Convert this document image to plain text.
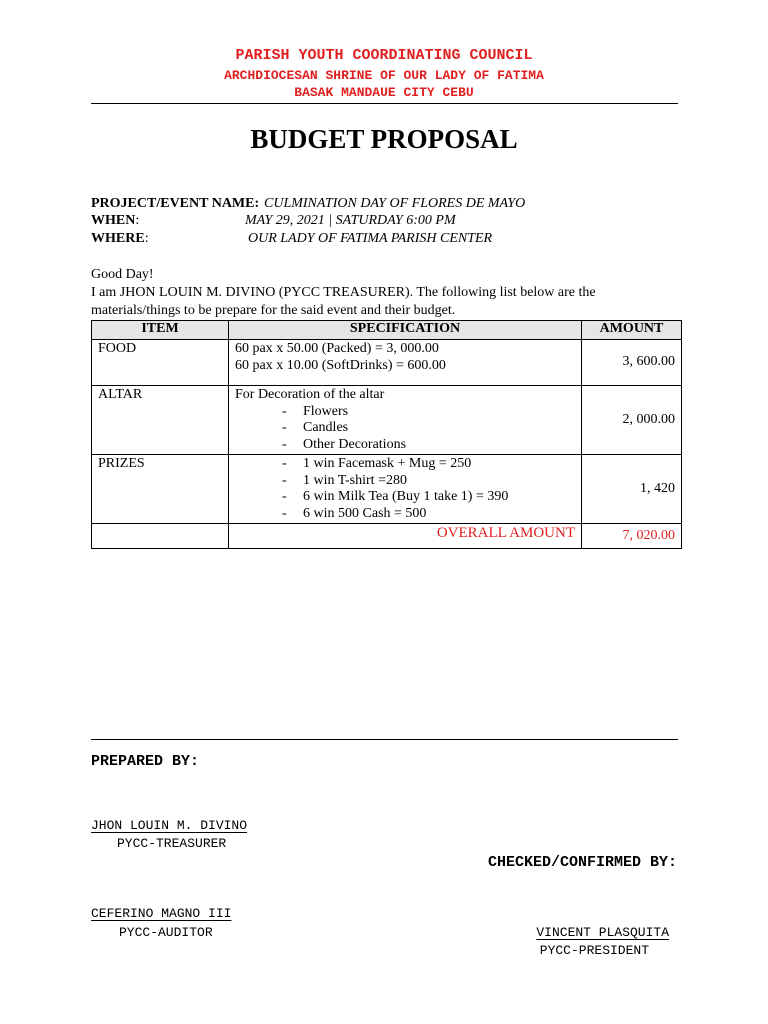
PARISH YOUTH COORDINATING COUNCIL
ARCHDIOCESAN SHRINE OF OUR LADY OF FATIMA
BASAK MANDAUE CITY CEBU
BUDGET PROPOSAL
PROJECT/EVENT NAME: CULMINATION DAY OF FLORES DE MAYO
WHEN:	MAY 29, 2021 | SATURDAY 6:00 PM
WHERE:	OUR LADY OF FATIMA PARISH CENTER
Good Day!
I am JHON LOUIN M. DIVINO (PYCC TREASURER). The following list below are the
materials/things to be prepare for the said event and their budget.
ITEM	SPECIFICATION	AMOUNT
FOOD	60 pax x 50.00 (Packed) = 3, 000.00
60 pax x 10.00 (SoftDrinks) = 600.00	3, 600.00
ALTAR	For Decoration of the altar
- Flowers
- Candles
- Other Decorations	2, 000.00
PRIZES	- 1 win Facemask + Mug = 250
- 1 win T-shirt =280
- 6 win Milk Tea (Buy 1 take 1) = 390
- 6 win 500 Cash = 500	1, 420
	OVERALL AMOUNT	7, 020.00
PREPARED BY:
JHON LOUIN M. DIVINO
PYCC-TREASURER
CHECKED/CONFIRMED BY:
CEFERINO MAGNO III
PYCC-AUDITOR	VINCENT PLASQUITA
PYCC-PRESIDENT
